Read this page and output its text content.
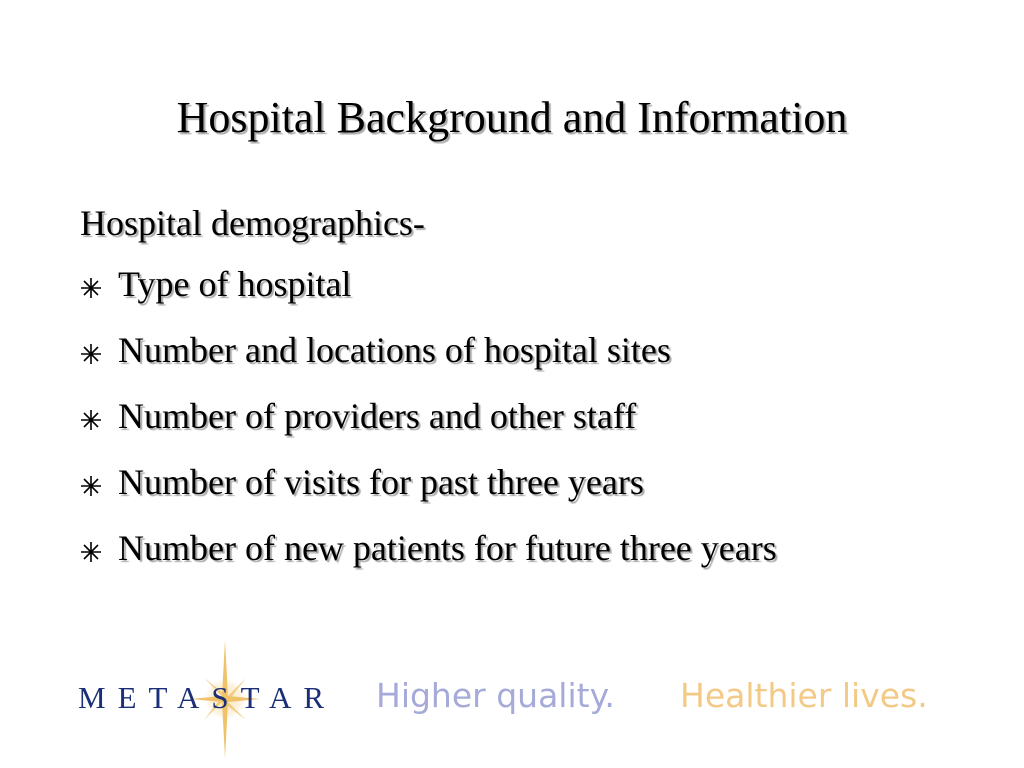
Hospital Background and Information
Hospital demographics-
Type of hospital
Number and locations of hospital sites
Number of providers and other staff
Number of visits for past three years
Number of new patients for future three years
METASTAR Higher quality. Healthier lives.
